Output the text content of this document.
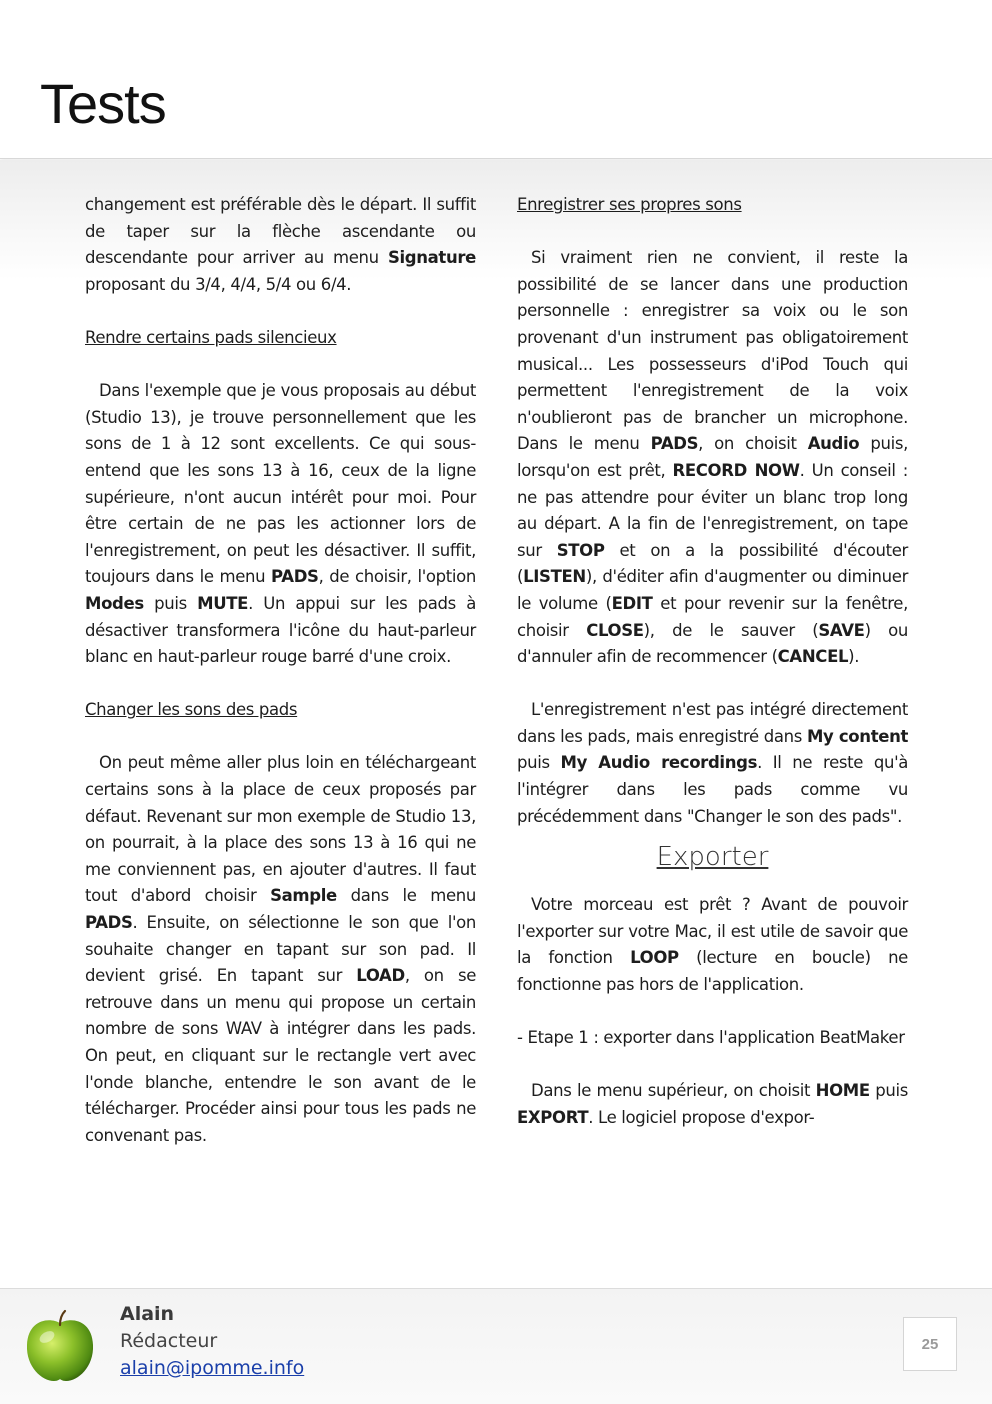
Tests

changement est préférable dès le départ. Il suffit de taper sur la flèche ascendante ou descendante pour arriver au menu Signature proposant du 3/4, 4/4, 5/4 ou 6/4.

Rendre certains pads silencieux

Dans l'exemple que je vous proposais au début (Studio 13), je trouve personnellement que les sons de 1 à 12 sont excellents. Ce qui sous-entend que les sons 13 à 16, ceux de la ligne supérieure, n'ont aucun intérêt pour moi. Pour être certain de ne pas les actionner lors de l'enregistrement, on peut les désactiver. Il suffit, toujours dans le menu PADS, de choisir, l'option Modes puis MUTE. Un appui sur les pads à désactiver transformera l'icône du haut-parleur blanc en haut-parleur rouge barré d'une croix.

Changer les sons des pads

On peut même aller plus loin en téléchargeant certains sons à la place de ceux proposés par défaut. Revenant sur mon exemple de Studio 13, on pourrait, à la place des sons 13 à 16 qui ne me conviennent pas, en ajouter d'autres. Il faut tout d'abord choisir Sample dans le menu PADS. Ensuite, on sélectionne le son que l'on souhaite changer en tapant sur son pad. Il devient grisé. En tapant sur LOAD, on se retrouve dans un menu qui propose un certain nombre de sons WAV à intégrer dans les pads. On peut, en cliquant sur le rectangle vert avec l'onde blanche, entendre le son avant de le télécharger. Procéder ainsi pour tous les pads ne convenant pas.

Enregistrer ses propres sons

Si vraiment rien ne convient, il reste la possibilité de se lancer dans une production personnelle : enregistrer sa voix ou le son provenant d'un instrument pas obligatoirement musical... Les possesseurs d'iPod Touch qui permettent l'enregistrement de la voix n'oublieront pas de brancher un microphone. Dans le menu PADS, on choisit Audio puis, lorsqu'on est prêt, RECORD NOW. Un conseil : ne pas attendre pour éviter un blanc trop long au départ. A la fin de l'enregistrement, on tape sur STOP et on a la possibilité d'écouter (LISTEN), d'éditer afin d'augmenter ou diminuer le volume (EDIT et pour revenir sur la fenêtre, choisir CLOSE), de le sauver (SAVE) ou d'annuler afin de recommencer (CANCEL).

L'enregistrement n'est pas intégré directement dans les pads, mais enregistré dans My content puis My Audio recordings. Il ne reste qu'à l'intégrer dans les pads comme vu précédemment dans "Changer le son des pads".

Exporter

Votre morceau est prêt ? Avant de pouvoir l'exporter sur votre Mac, il est utile de savoir que la fonction LOOP (lecture en boucle) ne fonctionne pas hors de l'application.

- Etape 1 : exporter dans l'application BeatMaker

Dans le menu supérieur, on choisit HOME puis EXPORT. Le logiciel propose d'expor-

Alain
Rédacteur
alain@ipomme.info
25
